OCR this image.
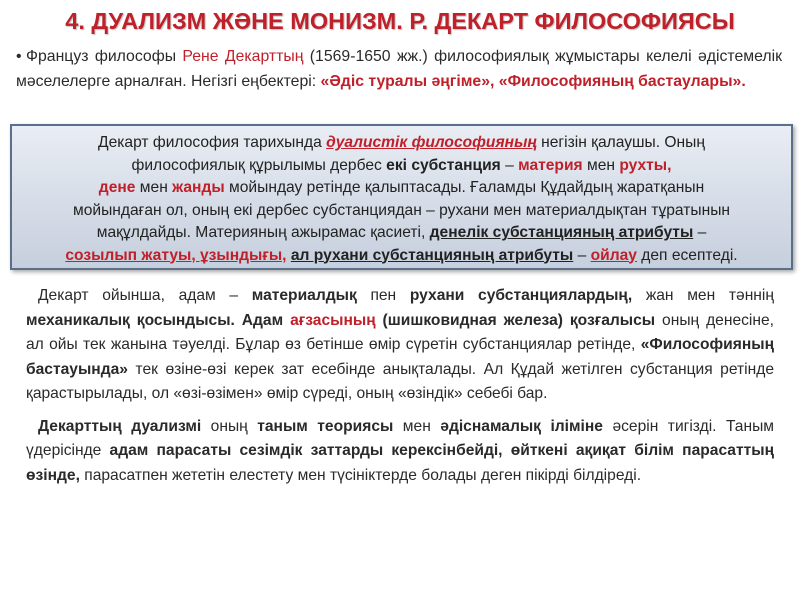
4. ДУАЛИЗМ ЖӘНЕ МОНИЗМ. Р. ДЕКАРТ ФИЛОСОФИЯСЫ
• Француз философы Рене Декарттың (1569-1650 жж.) философиялық жұмыстары келелі әдістемелік мәселелерге арналған. Негізгі еңбектері: «Әдіс туралы әңгіме», «Философияның бастаулары».
Декарт философия тарихында дуалистік философияның негізін қалаушы. Оның
философиялық құрылымы дербес екі субстанция – материя мен рухты,
дене мен жанды мойындау ретінде қалыптасады. Ғаламды Құдайдың жаратқанын
мойындаған ол, оның екі дербес субстанциядан – рухани мен материалдықтан тұратынын
мақұлдайды. Материяның ажырамас қасиеті, денелік субстанцияның атрибуты –
созылып жатуы, ұзындығы, ал рухани субстанцияның атрибуты – ойлау деп есептеді.

Декарт ойынша, адам – материалдық пен рухани субстанциялардың, жан мен тәннің механикалық қосындысы. Адам ағзасының (шишковидная железа) қозғалысы оның денесіне, ал ойы тек жанына тәуелді. Бұлар өз бетінше өмір сүретін субстанциялар ретінде, «Философияның бастауында» тек өзіне-өзі керек зат есебінде анықталады. Ал Құдай жетілген субстанция ретінде қарастырылады, ол «өзі-өзімен» өмір сүреді, оның «өзіндік» себебі бар.

Декарттың дуализмі оның таным теориясы мен әдіснамалық іліміне әсерін тигізді. Таным үдерісінде адам парасаты сезімдік заттарды керексінбейді, өйткені ақиқат білім парасаттың өзінде, парасатпен жететін елестету мен түсініктерде болады деген пікірді білдіреді.
